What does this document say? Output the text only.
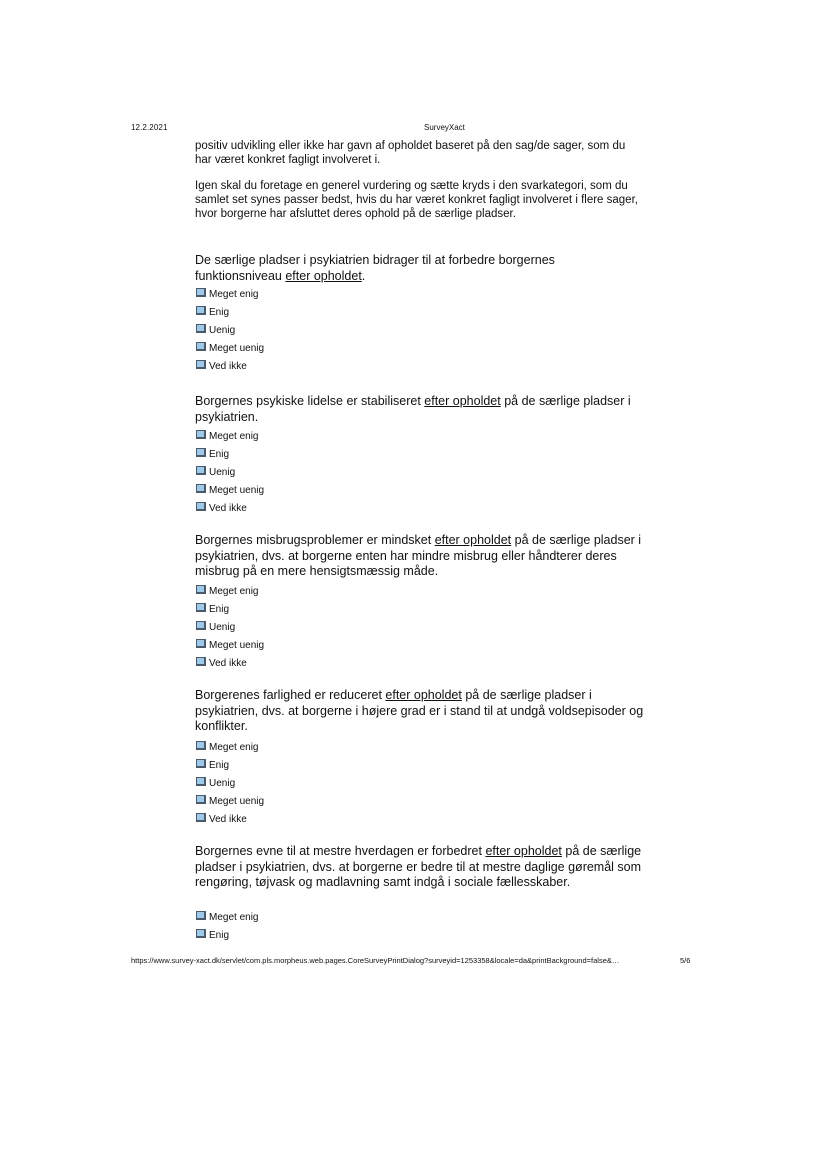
12.2.2021	SurveyXact
positiv udvikling eller ikke har gavn af opholdet baseret på den sag/de sager, som du har været konkret fagligt involveret i.
Igen skal du foretage en generel vurdering og sætte kryds i den svarkategori, som du samlet set synes passer bedst, hvis du har været konkret fagligt involveret i flere sager, hvor borgerne har afsluttet deres ophold på de særlige pladser.
De særlige pladser i psykiatrien bidrager til at forbedre borgernes funktionsniveau efter opholdet.
Meget enig
Enig
Uenig
Meget uenig
Ved ikke
Borgernes psykiske lidelse er stabiliseret efter opholdet på de særlige pladser i psykiatrien.
Meget enig
Enig
Uenig
Meget uenig
Ved ikke
Borgernes misbrugsproblemer er mindsket efter opholdet på de særlige pladser i psykiatrien, dvs. at borgerne enten har mindre misbrug eller håndterer deres misbrug på en mere hensigtsmæssig måde.
Meget enig
Enig
Uenig
Meget uenig
Ved ikke
Borgerenes farlighed er reduceret efter opholdet på de særlige pladser i psykiatrien, dvs. at borgerne i højere grad er i stand til at undgå voldsepisoder og konflikter.
Meget enig
Enig
Uenig
Meget uenig
Ved ikke
Borgernes evne til at mestre hverdagen er forbedret efter opholdet på de særlige pladser i psykiatrien, dvs. at borgerne er bedre til at mestre daglige gøremål som rengøring, tøjvask og madlavning samt indgå i sociale fællesskaber.
Meget enig
Enig
https://www.survey-xact.dk/servlet/com.pls.morpheus.web.pages.CoreSurveyPrintDialog?surveyid=1253358&locale=da&printBackground=false&…	5/6
